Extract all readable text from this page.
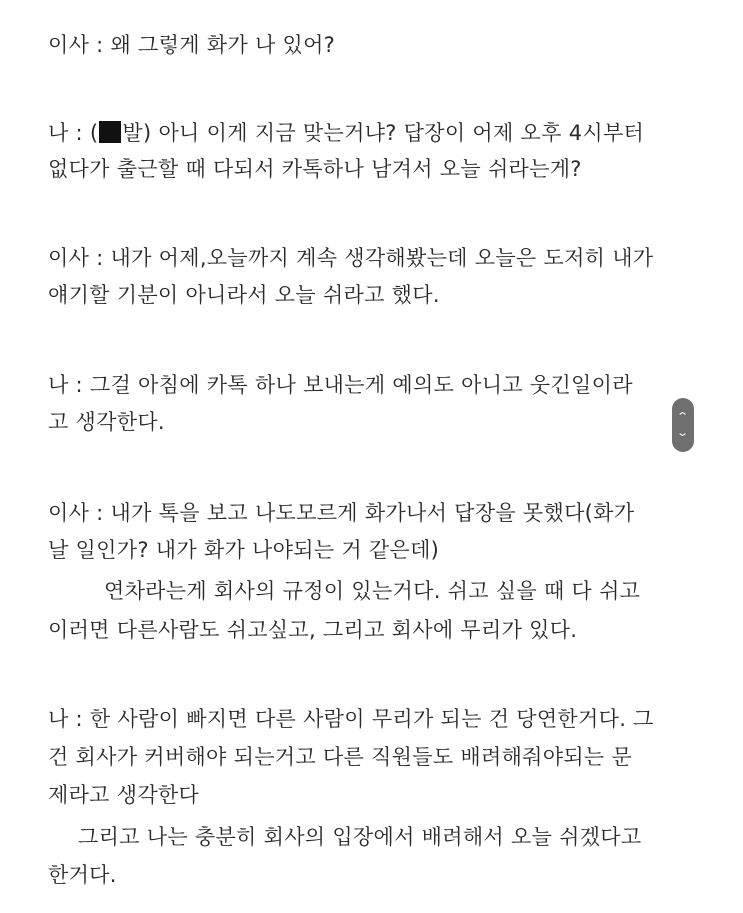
이사 : 왜 그렇게 화가 나 있어?
나 : ( 발) 아니 이게 지금 맞는거냐? 답장이 어제 오후 4시부터
없다가 출근할 때 다되서 카톡하나 남겨서 오늘 쉬라는게?
이사 : 내가 어제,오늘까지 계속 생각해봤는데 오늘은 도저히 내가
얘기할 기분이 아니라서 오늘 쉬라고 했다.
나 : 그걸 아침에 카톡 하나 보내는게 예의도 아니고 웃긴일이라
고 생각한다.
이사 : 내가 톡을 보고 나도모르게 화가나서 답장을 못했다(화가
날 일인가? 내가 화가 나야되는 거 같은데)
연차라는게 회사의 규정이 있는거다. 쉬고 싶을 때 다 쉬고
이러면 다른사람도 쉬고싶고, 그리고 회사에 무리가 있다.
나 : 한 사람이 빠지면 다른 사람이 무리가 되는 건 당연한거다. 그
건 회사가 커버해야 되는거고 다른 직원들도 배려해줘야되는 문
제라고 생각한다
그리고 나는 충분히 회사의 입장에서 배려해서 오늘 쉬겠다고
한거다.
⌃
⌄
